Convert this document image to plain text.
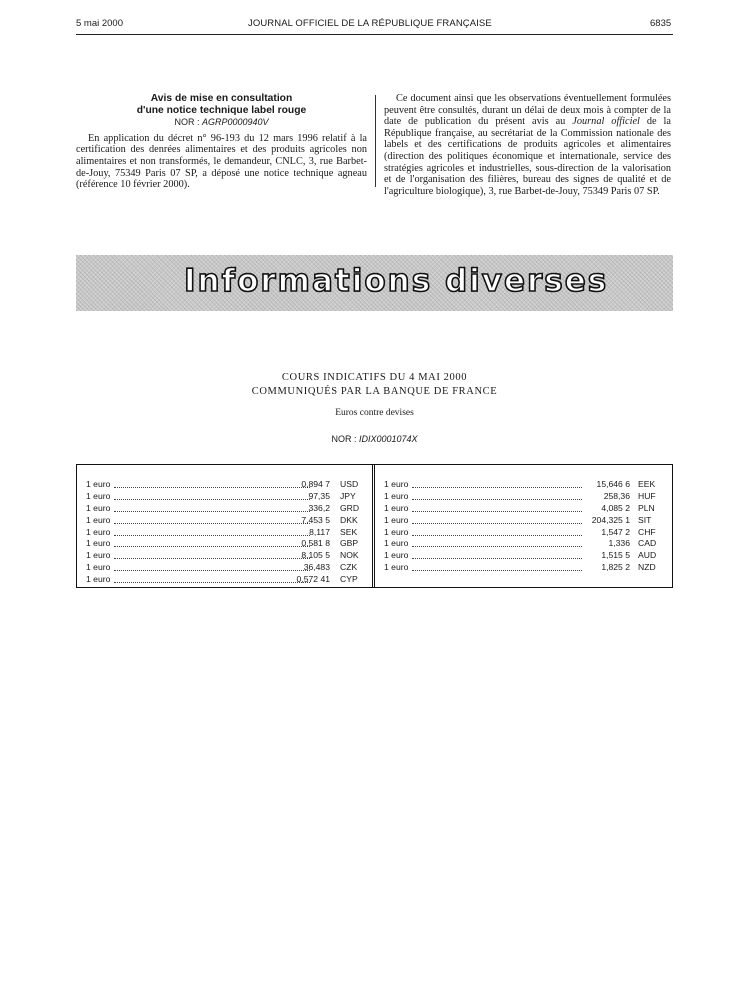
5 mai 2000	JOURNAL OFFICIEL DE LA RÉPUBLIQUE FRANÇAISE	6835
Avis de mise en consultation
d'une notice technique label rouge
NOR : AGRP0000940V

En application du décret n° 96-193 du 12 mars 1996 relatif à la certification des denrées alimentaires et des produits agricoles non alimentaires et non transformés, le demandeur, CNLC, 3, rue Barbet-de-Jouy, 75349 Paris 07 SP, a déposé une notice technique agneau (référence 10 février 2000).

Ce document ainsi que les observations éventuellement formulées peuvent être consultés, durant un délai de deux mois à compter de la date de publication du présent avis au Journal officiel de la République française, au secrétariat de la Commission nationale des labels et des certifications de produits agricoles et alimentaires (direction des politiques économique et internationale, service des stratégies agricoles et industrielles, sous-direction de la valorisation et de l'organisation des filières, bureau des signes de qualité et de l'agriculture biologique), 3, rue Barbet-de-Jouy, 75349 Paris 07 SP.

Informations diverses
COURS INDICATIFS DU 4 MAI 2000
COMMUNIQUÉS PAR LA BANQUE DE FRANCE
Euros contre devises
NOR : IDIX0001074X
1 euro	0,894 7 USD
1 euro	97,35 JPY
1 euro	336,2 GRD
1 euro	7,453 5 DKK
1 euro	8,117 SEK
1 euro	0,581 8 GBP
1 euro	8,105 5 NOK
1 euro	36,483 CZK
1 euro	0,572 41 CYP
1 euro	15,646 6 EEK
1 euro	258,36 HUF
1 euro	4,085 2 PLN
1 euro	204,325 1 SIT
1 euro	1,547 2 CHF
1 euro	1,336 CAD
1 euro	1,515 5 AUD
1 euro	1,825 2 NZD
